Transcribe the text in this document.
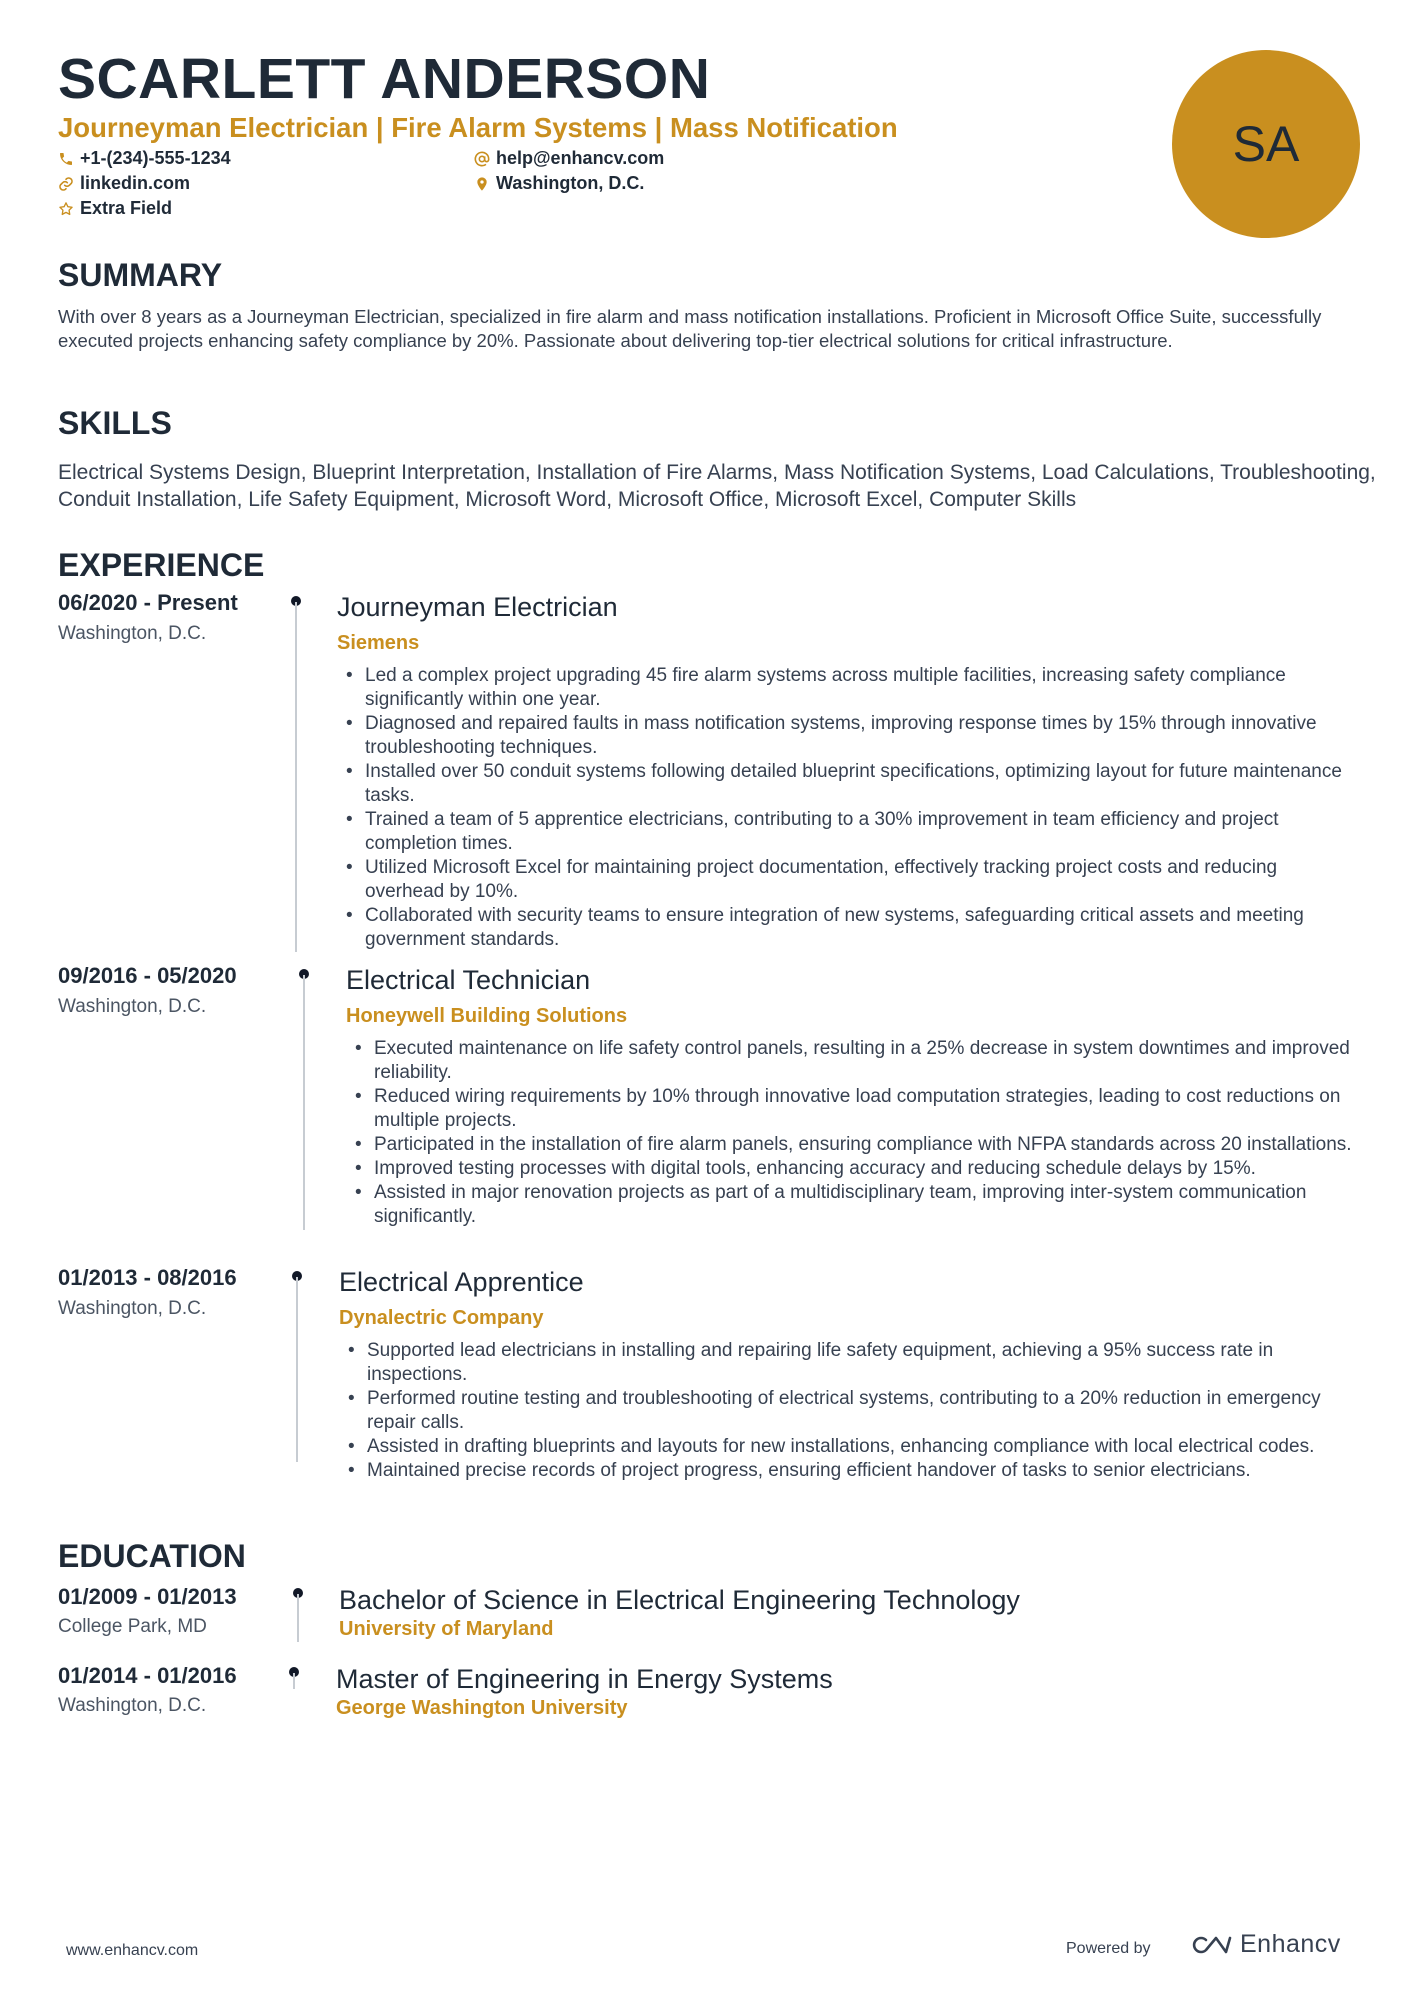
SCARLETT ANDERSON
Journeyman Electrician | Fire Alarm Systems | Mass Notification
+1-(234)-555-1234	help@enhancv.com
linkedin.com	Washington, D.C.
Extra Field
SA
SUMMARY
With over 8 years as a Journeyman Electrician, specialized in fire alarm and mass notification installations. Proficient in Microsoft Office Suite, successfully executed projects enhancing safety compliance by 20%. Passionate about delivering top-tier electrical solutions for critical infrastructure.
SKILLS
Electrical Systems Design, Blueprint Interpretation, Installation of Fire Alarms, Mass Notification Systems, Load Calculations, Troubleshooting, Conduit Installation, Life Safety Equipment, Microsoft Word, Microsoft Office, Microsoft Excel, Computer Skills
EXPERIENCE
06/2020 - Present
Washington, D.C.
Journeyman Electrician
Siemens
• Led a complex project upgrading 45 fire alarm systems across multiple facilities, increasing safety compliance significantly within one year.
• Diagnosed and repaired faults in mass notification systems, improving response times by 15% through innovative troubleshooting techniques.
• Installed over 50 conduit systems following detailed blueprint specifications, optimizing layout for future maintenance tasks.
• Trained a team of 5 apprentice electricians, contributing to a 30% improvement in team efficiency and project completion times.
• Utilized Microsoft Excel for maintaining project documentation, effectively tracking project costs and reducing overhead by 10%.
• Collaborated with security teams to ensure integration of new systems, safeguarding critical assets and meeting government standards.
09/2016 - 05/2020
Washington, D.C.
Electrical Technician
Honeywell Building Solutions
• Executed maintenance on life safety control panels, resulting in a 25% decrease in system downtimes and improved reliability.
• Reduced wiring requirements by 10% through innovative load computation strategies, leading to cost reductions on multiple projects.
• Participated in the installation of fire alarm panels, ensuring compliance with NFPA standards across 20 installations.
• Improved testing processes with digital tools, enhancing accuracy and reducing schedule delays by 15%.
• Assisted in major renovation projects as part of a multidisciplinary team, improving inter-system communication significantly.
01/2013 - 08/2016
Washington, D.C.
Electrical Apprentice
Dynalectric Company
• Supported lead electricians in installing and repairing life safety equipment, achieving a 95% success rate in inspections.
• Performed routine testing and troubleshooting of electrical systems, contributing to a 20% reduction in emergency repair calls.
• Assisted in drafting blueprints and layouts for new installations, enhancing compliance with local electrical codes.
• Maintained precise records of project progress, ensuring efficient handover of tasks to senior electricians.
EDUCATION
01/2009 - 01/2013
College Park, MD
Bachelor of Science in Electrical Engineering Technology
University of Maryland
01/2014 - 01/2016
Washington, D.C.
Master of Engineering in Energy Systems
George Washington University
www.enhancv.com	Powered by	Enhancv
